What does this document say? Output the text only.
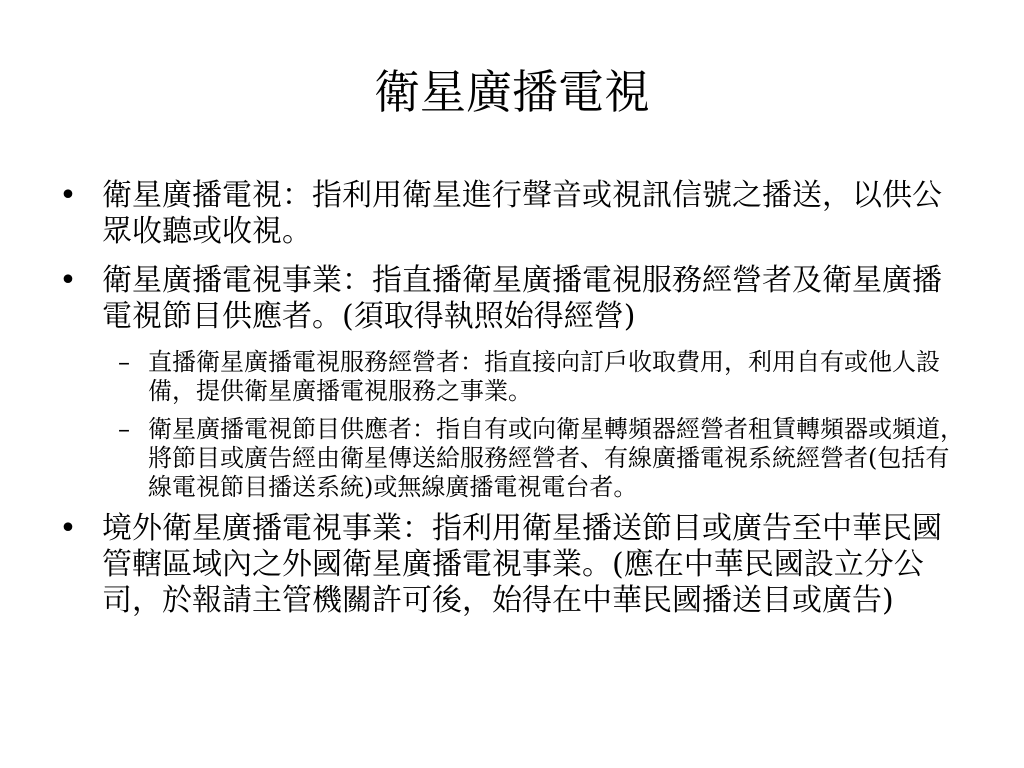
衛星廣播電視
• 衛星廣播電視：指利用衛星進行聲音或視訊信號之播送，以供公眾收聽或收視。
• 衛星廣播電視事業：指直播衛星廣播電視服務經營者及衛星廣播電視節目供應者。(須取得執照始得經營)
– 直播衛星廣播電視服務經營者：指直接向訂戶收取費用，利用自有或他人設備，提供衛星廣播電視服務之事業。
– 衛星廣播電視節目供應者：指自有或向衛星轉頻器經營者租賃轉頻器或頻道，將節目或廣告經由衛星傳送給服務經營者、有線廣播電視系統經營者(包括有線電視節目播送系統)或無線廣播電視電台者。
• 境外衛星廣播電視事業：指利用衛星播送節目或廣告至中華民國管轄區域內之外國衛星廣播電視事業。(應在中華民國設立分公司，於報請主管機關許可後，始得在中華民國播送目或廣告)
